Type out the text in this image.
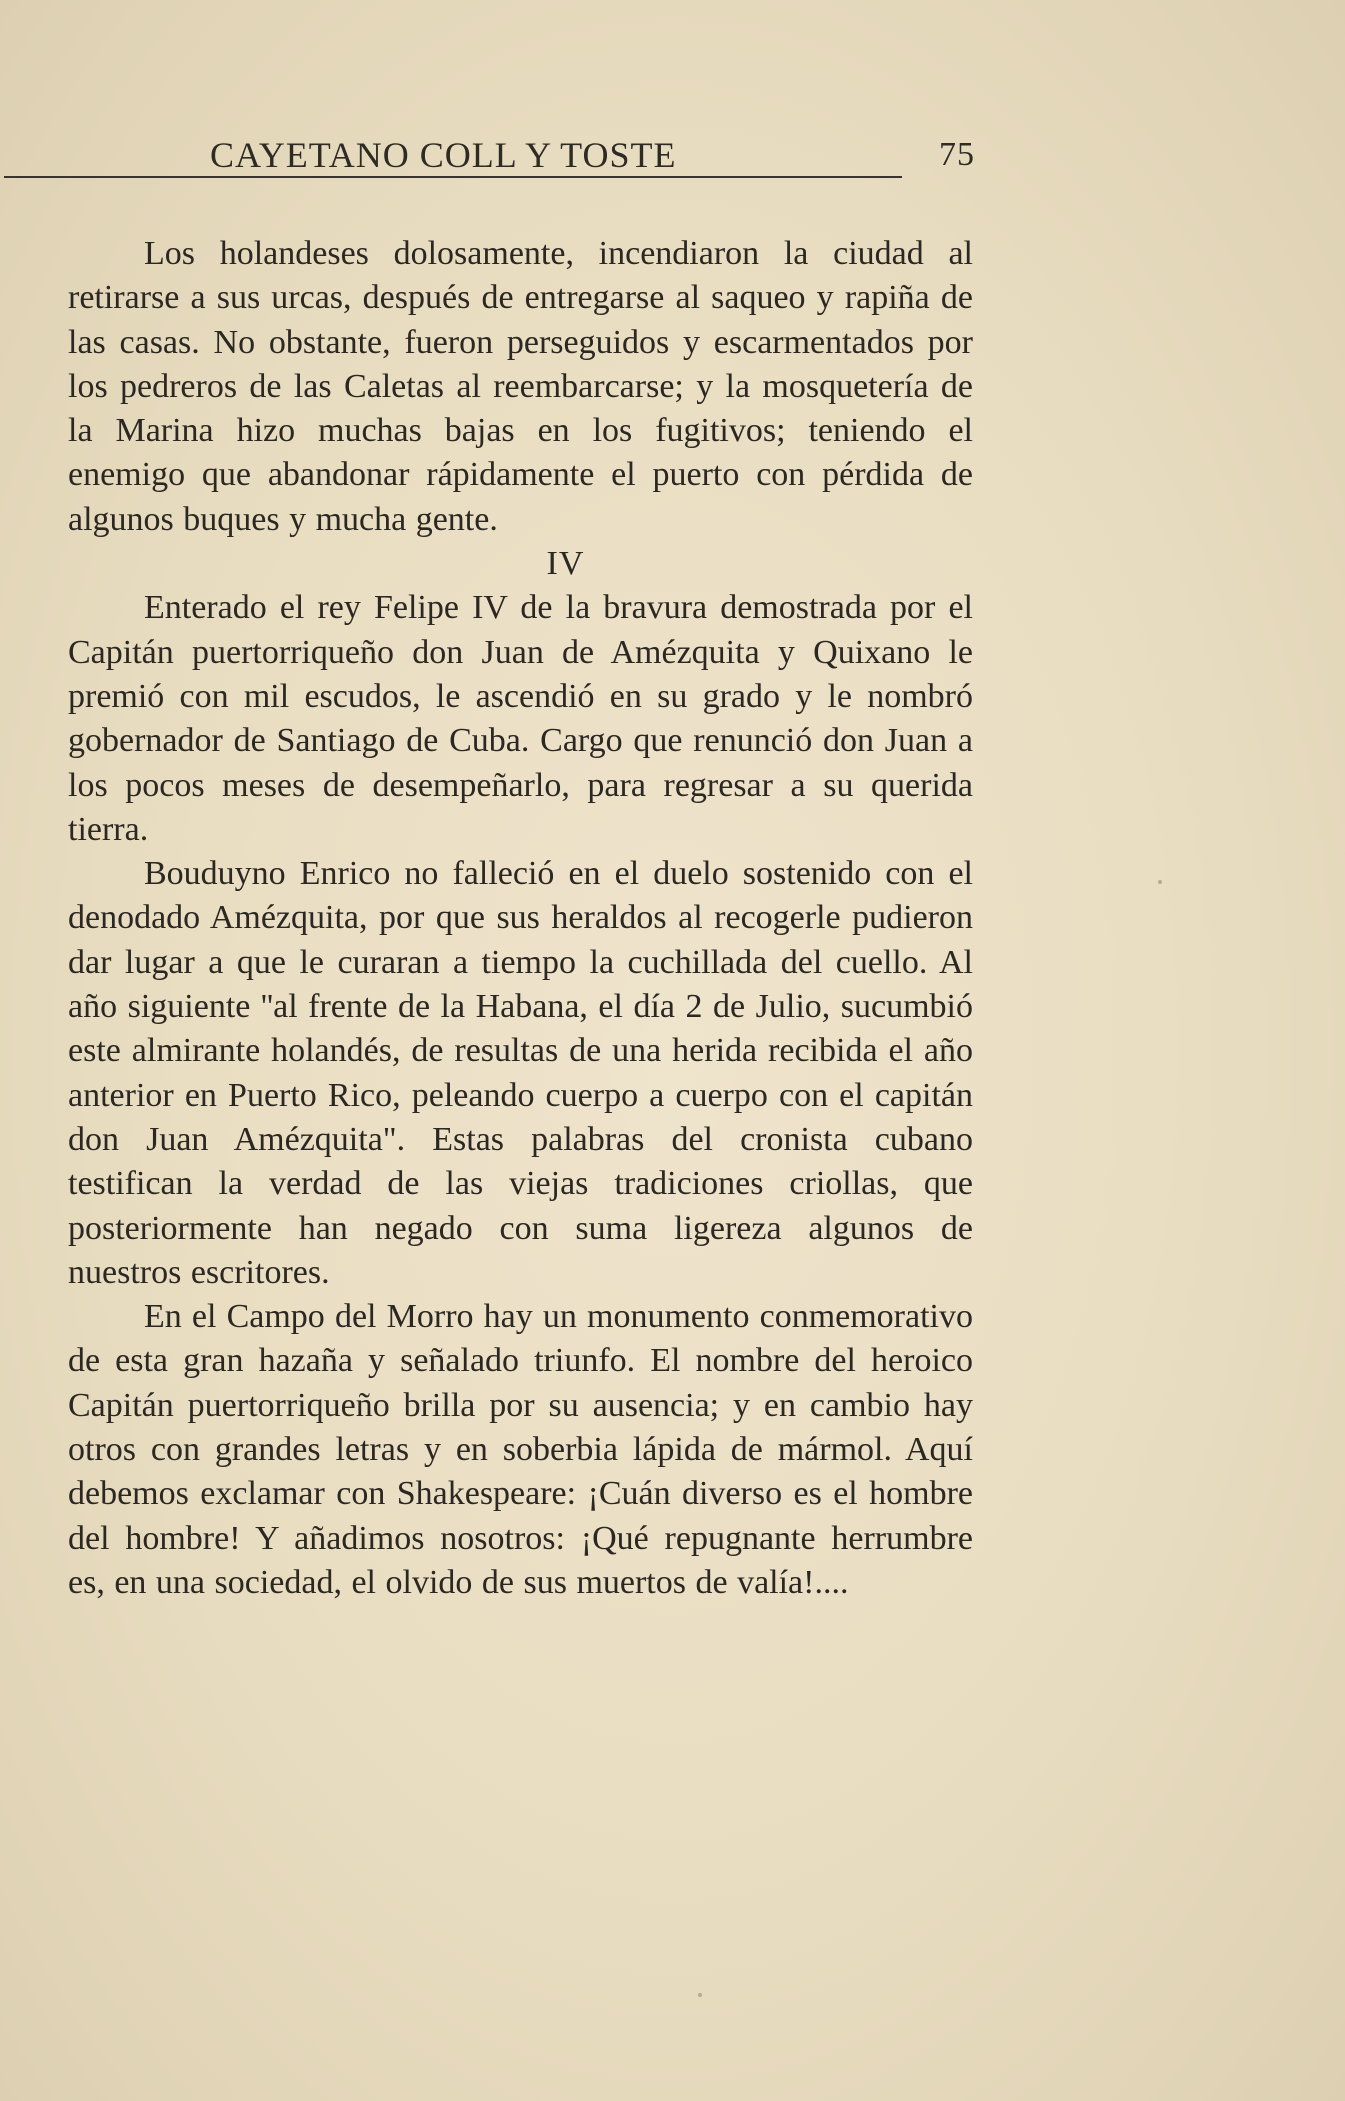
CAYETANO COLL Y TOSTE	75

Los holandeses dolosamente, incendiaron la ciudad al retirarse a sus urcas, después de entregarse al saqueo y rapiña de las casas. No obstante, fueron perseguidos y escarmentados por los pedreros de las Caletas al reembarcarse; y la mosquetería de la Marina hizo muchas bajas en los fugitivos; teniendo el enemigo que abandonar rápidamente el puerto con pérdida de algunos buques y mucha gente.

IV

Enterado el rey Felipe IV de la bravura demostrada por el Capitán puertorriqueño don Juan de Amézquita y Quixano le premió con mil escudos, le ascendió en su grado y le nombró gobernador de Santiago de Cuba. Cargo que renunció don Juan a los pocos meses de desempeñarlo, para regresar a su querida tierra.

Bouduyno Enrico no falleció en el duelo sostenido con el denodado Amézquita, por que sus heraldos al recogerle pudieron dar lugar a que le curaran a tiempo la cuchillada del cuello. Al año siguiente ''al frente de la Habana, el día 2 de Julio, sucumbió este almirante holandés, de resultas de una herida recibida el año anterior en Puerto Rico, peleando cuerpo a cuerpo con el capitán don Juan Amézquita". Estas palabras del cronista cubano testifican la verdad de las viejas tradiciones criollas, que posteriormente han negado con suma ligereza algunos de nuestros escritores.

En el Campo del Morro hay un monumento conmemorativo de esta gran hazaña y señalado triunfo. El nombre del heroico Capitán puertorriqueño brilla por su ausencia; y en cambio hay otros con grandes letras y en soberbia lápida de mármol. Aquí debemos exclamar con Shakespeare: ¡Cuán diverso es el hombre del hombre! Y añadimos nosotros: ¡Qué repugnante herrumbre es, en una sociedad, el olvido de sus muertos de valía!....
